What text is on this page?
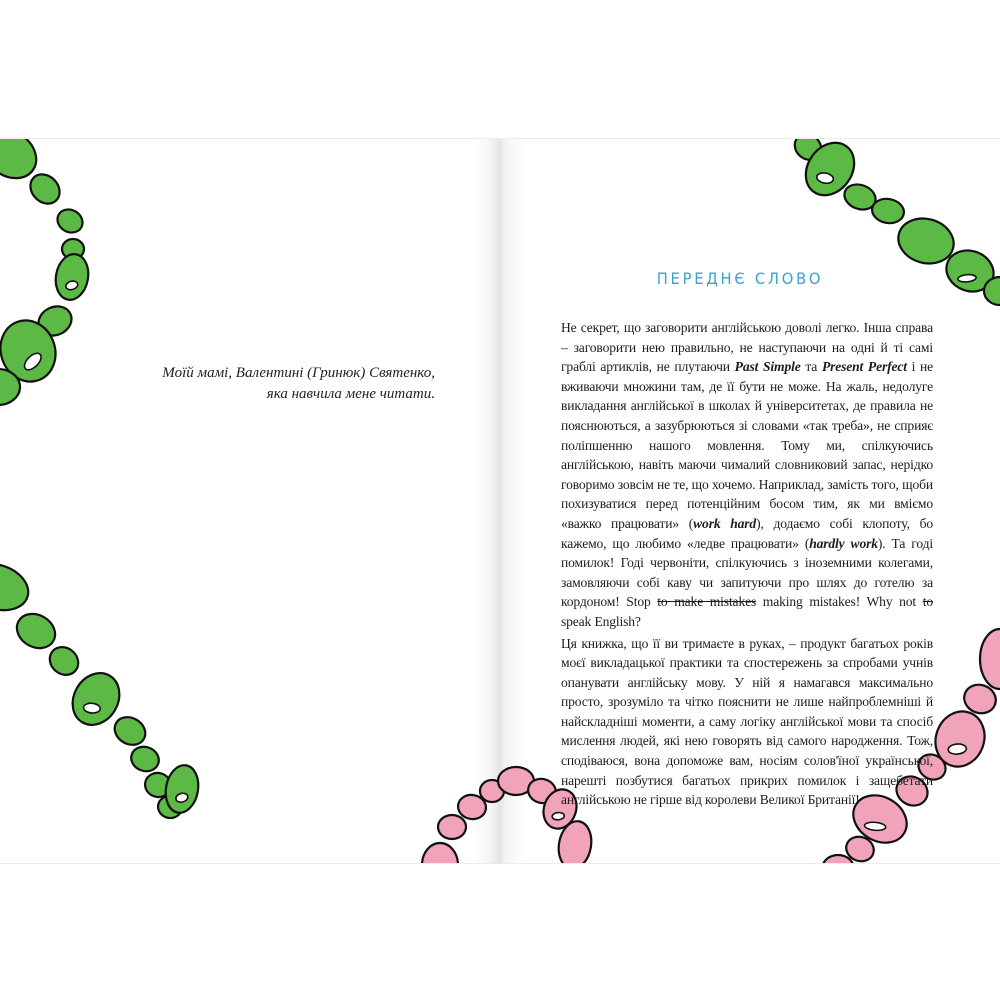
Моїй мамі, Валентині (Гринюк) Святенко,

яка навчила мене читати.

ПЕРЕДНЄ СЛОВО

Не секрет, що заговорити англійською доволі легко. Інша справа – заговорити нею правильно, не наступаючи на одні й ті самі граблі артиклів, не плутаючи Past Simple та Present Perfect і не вживаючи множини там, де її бути не може. На жаль, недолуге викладання англійської в школах й університетах, де правила не пояснюються, а зазубрюються зі словами «так треба», не сприяє поліпшенню нашого мовлення. Тому ми, спілкуючись англійською, навіть маючи чималий словниковий запас, нерідко говоримо зовсім не те, що хочемо. Наприклад, замість того, щоби похизуватися перед потенційним босом тим, як ми вміємо «важко працювати» (work hard), додаємо собі клопоту, бо кажемо, що любимо «ледве працювати» (hardly work). Та годі помилок! Годі червоніти, спілкуючись з іноземними колегами, замовляючи собі каву чи запитуючи про шлях до готелю за кордоном! Stop to make mistakes making mistakes! Why not to speak English?

Ця книжка, що її ви тримаєте в руках, – продукт багатьох років моєї викладацької практики та спостережень за спробами учнів опанувати англійську мову. У ній я намагався максимально просто, зрозуміло та чітко пояснити не лише найпроблемніші й найскладніші моменти, а саму логіку англійської мови та спосіб мислення людей, які нею говорять від самого народження. Тож, сподіваюся, вона допоможе вам, носіям солов'їної української, нарешті позбутися багатьох прикрих помилок і защебетати англійською не гірше від королеви Великої Британії!
